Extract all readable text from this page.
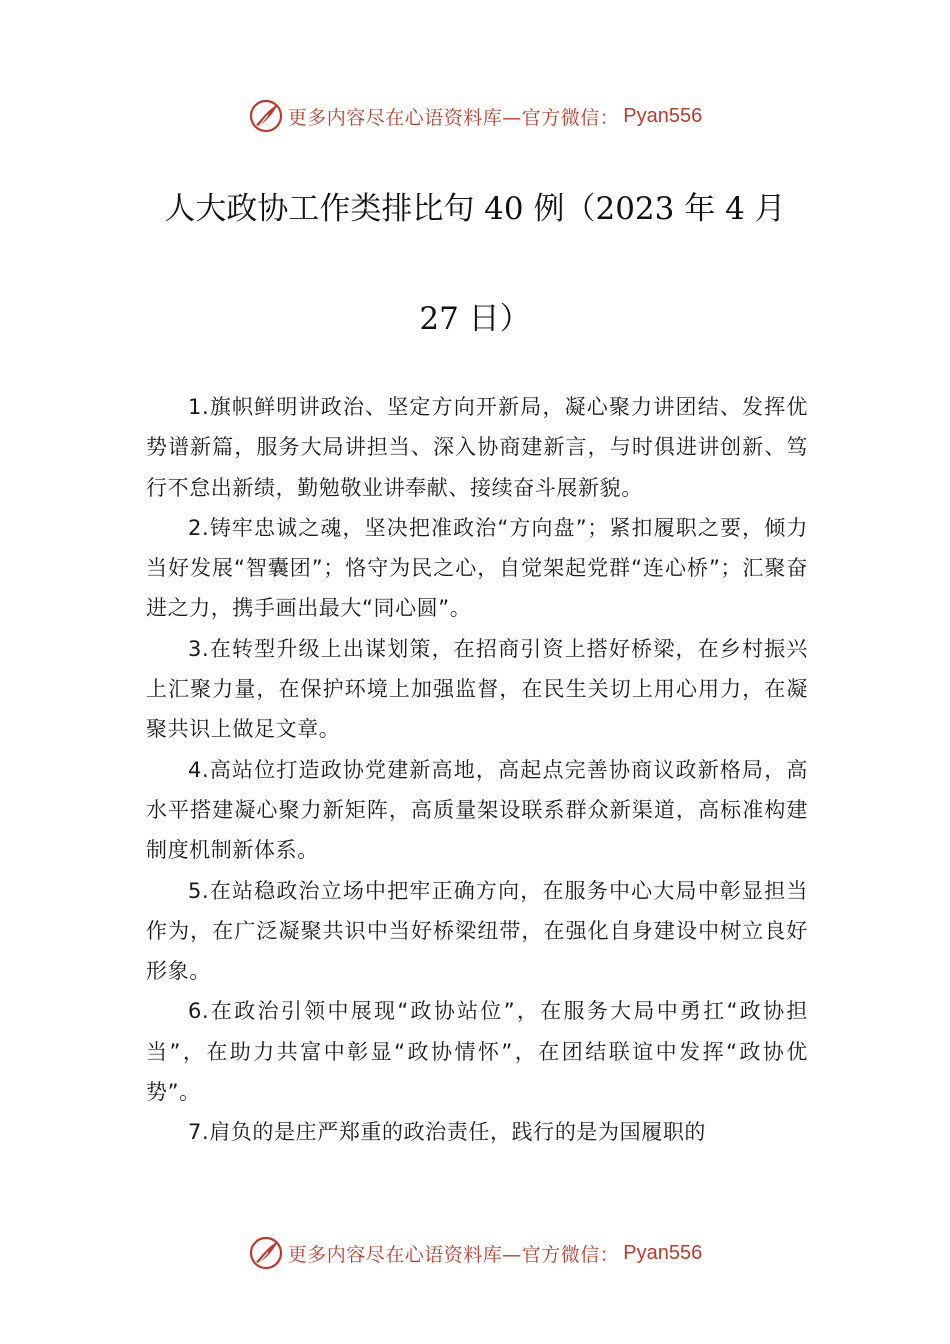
更多内容尽在心语资料库—官方微信： Pyan556
人大政协工作类排比句 40 例（2023 年 4 月
27 日）

1.旗帜鲜明讲政治、坚定方向开新局，凝心聚力讲团结、发挥优势谱新篇，服务大局讲担当、深入协商建新言，与时俱进讲创新、笃行不怠出新绩，勤勉敬业讲奉献、接续奋斗展新貌。

2.铸牢忠诚之魂，坚决把准政治“方向盘”；紧扣履职之要，倾力当好发展“智囊团”；恪守为民之心，自觉架起党群“连心桥”；汇聚奋进之力，携手画出最大“同心圆”。

3.在转型升级上出谋划策，在招商引资上搭好桥梁，在乡村振兴上汇聚力量，在保护环境上加强监督，在民生关切上用心用力，在凝聚共识上做足文章。

4.高站位打造政协党建新高地，高起点完善协商议政新格局，高水平搭建凝心聚力新矩阵，高质量架设联系群众新渠道，高标准构建制度机制新体系。

5.在站稳政治立场中把牢正确方向，在服务中心大局中彰显担当作为，在广泛凝聚共识中当好桥梁纽带，在强化自身建设中树立良好形象。

6.在政治引领中展现“政协站位”，在服务大局中勇扛“政协担当”，在助力共富中彰显“政协情怀”，在团结联谊中发挥“政协优势”。

7.肩负的是庄严郑重的政治责任，践行的是为国履职的

更多内容尽在心语资料库—官方微信： Pyan556
